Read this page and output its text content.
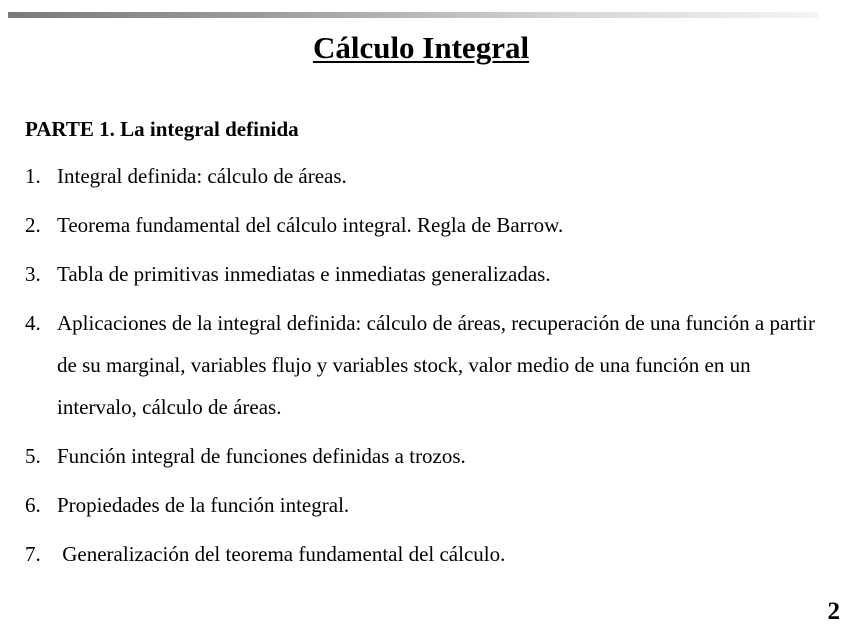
Cálculo Integral
PARTE 1. La integral definida
1. Integral definida: cálculo de áreas.
2. Teorema fundamental del cálculo integral. Regla de Barrow.
3. Tabla de primitivas inmediatas e inmediatas generalizadas.
4. Aplicaciones de la integral definida: cálculo de áreas, recuperación de una función a partir de su marginal, variables flujo y variables stock, valor medio de una función en un intervalo, cálculo de áreas.
5. Función integral de funciones definidas a trozos.
6. Propiedades de la función integral.
7. Generalización del teorema fundamental del cálculo.
2
